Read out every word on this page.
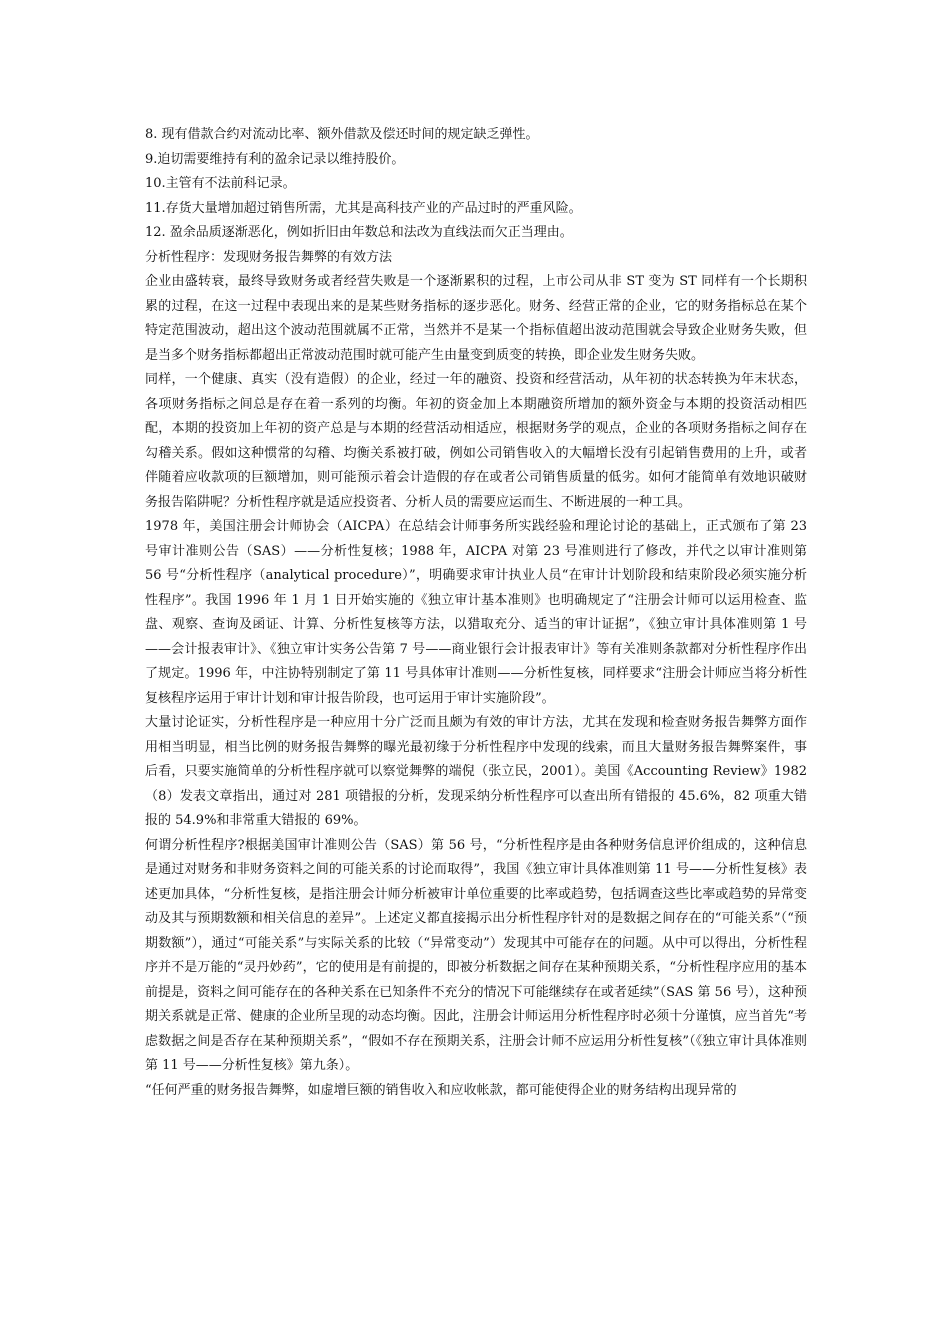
8. 现有借款合约对流动比率、额外借款及偿还时间的规定缺乏弹性。

9.迫切需要维持有利的盈余记录以维持股价。

10.主管有不法前科记录。

11.存货大量增加超过销售所需，尤其是高科技产业的产品过时的严重风险。

12. 盈余品质逐渐恶化，例如折旧由年数总和法改为直线法而欠正当理由。

分析性程序：发现财务报告舞弊的有效方法

企业由盛转衰，最终导致财务或者经营失败是一个逐渐累积的过程，上市公司从非 ST 变为 ST 同样有一个长期积累的过程，在这一过程中表现出来的是某些财务指标的逐步恶化。财务、经营正常的企业，它的财务指标总在某个特定范围波动，超出这个波动范围就属不正常，当然并不是某一个指标值超出波动范围就会导致企业财务失败，但是当多个财务指标都超出正常波动范围时就可能产生由量变到质变的转换，即企业发生财务失败。

同样，一个健康、真实（没有造假）的企业，经过一年的融资、投资和经营活动，从年初的状态转换为年末状态，各项财务指标之间总是存在着一系列的均衡。年初的资金加上本期融资所增加的额外资金与本期的投资活动相匹配，本期的投资加上年初的资产总是与本期的经营活动相适应，根据财务学的观点，企业的各项财务指标之间存在勾稽关系。假如这种惯常的勾稽、均衡关系被打破，例如公司销售收入的大幅增长没有引起销售费用的上升，或者伴随着应收款项的巨额增加，则可能预示着会计造假的存在或者公司销售质量的低劣。如何才能简单有效地识破财务报告陷阱呢？分析性程序就是适应投资者、分析人员的需要应运而生、不断进展的一种工具。

1978 年，美国注册会计师协会（AICPA）在总结会计师事务所实践经验和理论讨论的基础上，正式颁布了第 23 号审计准则公告（SAS）——分析性复核；1988 年，AICPA 对第 23 号准则进行了修改，并代之以审计准则第 56 号“分析性程序（analytical procedure）”，明确要求审计执业人员“在审计计划阶段和结束阶段必须实施分析性程序”。我国 1996 年 1 月 1 日开始实施的《独立审计基本准则》也明确规定了“注册会计师可以运用检查、监盘、观察、查询及函证、计算、分析性复核等方法，以猎取充分、适当的审计证据”，《独立审计具体准则第 1 号——会计报表审计》、《独立审计实务公告第 7 号——商业银行会计报表审计》等有关准则条款都对分析性程序作出了规定。1996 年，中注协特别制定了第 11 号具体审计准则——分析性复核，同样要求“注册会计师应当将分析性复核程序运用于审计计划和审计报告阶段，也可运用于审计实施阶段”。

大量讨论证实，分析性程序是一种应用十分广泛而且颇为有效的审计方法，尤其在发现和检查财务报告舞弊方面作用相当明显，相当比例的财务报告舞弊的曝光最初缘于分析性程序中发现的线索，而且大量财务报告舞弊案件，事后看，只要实施简单的分析性程序就可以察觉舞弊的端倪（张立民，2001）。美国《Accounting Review》1982（8）发表文章指出，通过对 281 项错报的分析，发现采纳分析性程序可以查出所有错报的 45.6%，82 项重大错报的 54.9%和非常重大错报的 69%。

何谓分析性程序?根据美国审计准则公告（SAS）第 56 号，“分析性程序是由各种财务信息评价组成的，这种信息是通过对财务和非财务资料之间的可能关系的讨论而取得”，我国《独立审计具体准则第 11 号——分析性复核》表述更加具体，“分析性复核，是指注册会计师分析被审计单位重要的比率或趋势，包括调查这些比率或趋势的异常变动及其与预期数额和相关信息的差异”。上述定义都直接揭示出分析性程序针对的是数据之间存在的“可能关系”（“预期数额”），通过“可能关系”与实际关系的比较（“异常变动”）发现其中可能存在的问题。从中可以得出，分析性程序并不是万能的“灵丹妙药”，它的使用是有前提的，即被分析数据之间存在某种预期关系，“分析性程序应用的基本前提是，资料之间可能存在的各种关系在已知条件不充分的情况下可能继续存在或者延续”（SAS 第 56 号），这种预期关系就是正常、健康的企业所呈现的动态均衡。因此，注册会计师运用分析性程序时必须十分谨慎，应当首先“考虑数据之间是否存在某种预期关系”，“假如不存在预期关系，注册会计师不应运用分析性复核”（《独立审计具体准则第 11 号——分析性复核》第九条）。

“任何严重的财务报告舞弊，如虚增巨额的销售收入和应收帐款，都可能使得企业的财务结构出现异常的
